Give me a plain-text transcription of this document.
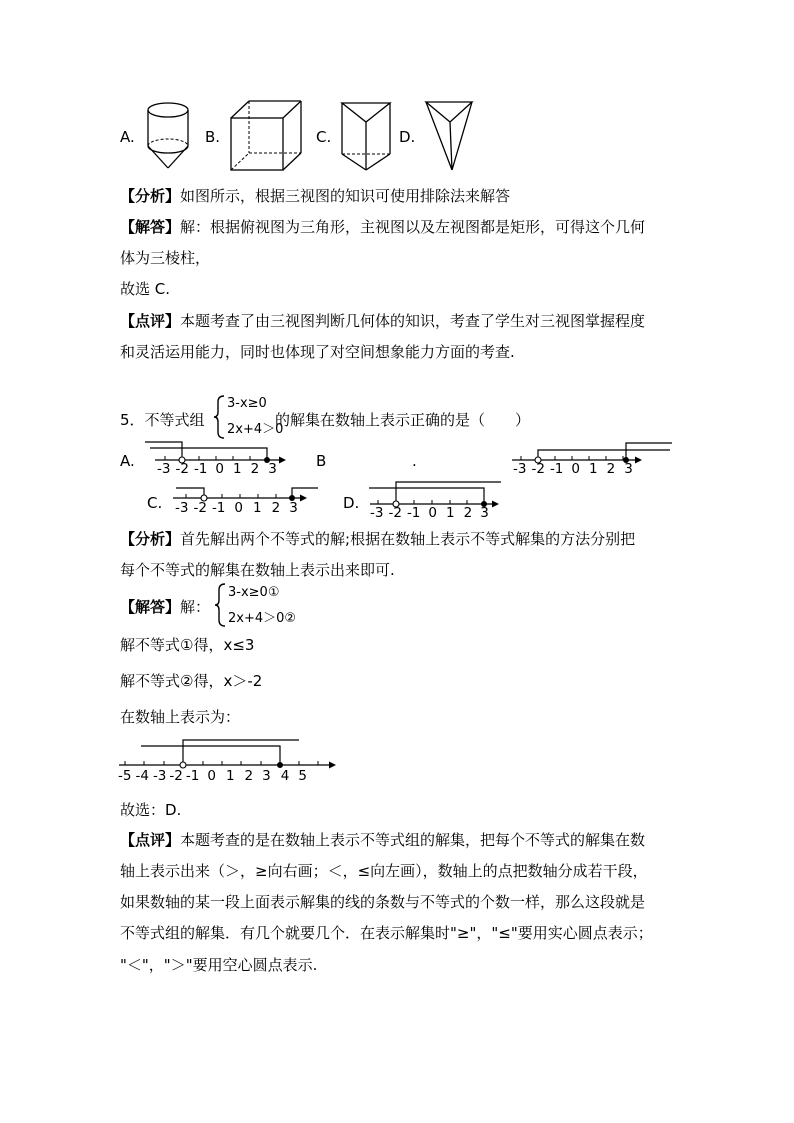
A.	B.	C.	D.
【分析】如图所示，根据三视图的知识可使用排除法来解答
【解答】解：根据俯视图为三角形，主视图以及左视图都是矩形，可得这个几何
体为三棱柱，
故选 C.
【点评】本题考查了由三视图判断几何体的知识，考查了学生对三视图掌握程度
和灵活运用能力，同时也体现了对空间想象能力方面的考查.
5．不等式组
3-x≥0
2x+4＞0
的解集在数轴上表示正确的是（　　）
A. -3 -2 -1 0 1 2 3	B	.	-3 -2 -1 0 1 2 3
C. -3 -2 -1 0 1 2 3	D.
-3 -2 -1 0 1 2 3
【分析】首先解出两个不等式的解;根据在数轴上表示不等式解集的方法分别把
每个不等式的解集在数轴上表示出来即可.
【解答】解：
3-x≥0①
2x+4＞0②
解不等式①得，x≤3
解不等式②得，x＞-2
在数轴上表示为：
-5 -4 -3 -2 -1 0 1 2 3 4 5
故选：D.
【点评】本题考查的是在数轴上表示不等式组的解集，把每个不等式的解集在数
轴上表示出来（＞，≥向右画；＜，≤向左画），数轴上的点把数轴分成若干段，
如果数轴的某一段上面表示解集的线的条数与不等式的个数一样，那么这段就是
不等式组的解集．有几个就要几个．在表示解集时"≥"，"≤"要用实心圆点表示；
"＜"，"＞"要用空心圆点表示.
